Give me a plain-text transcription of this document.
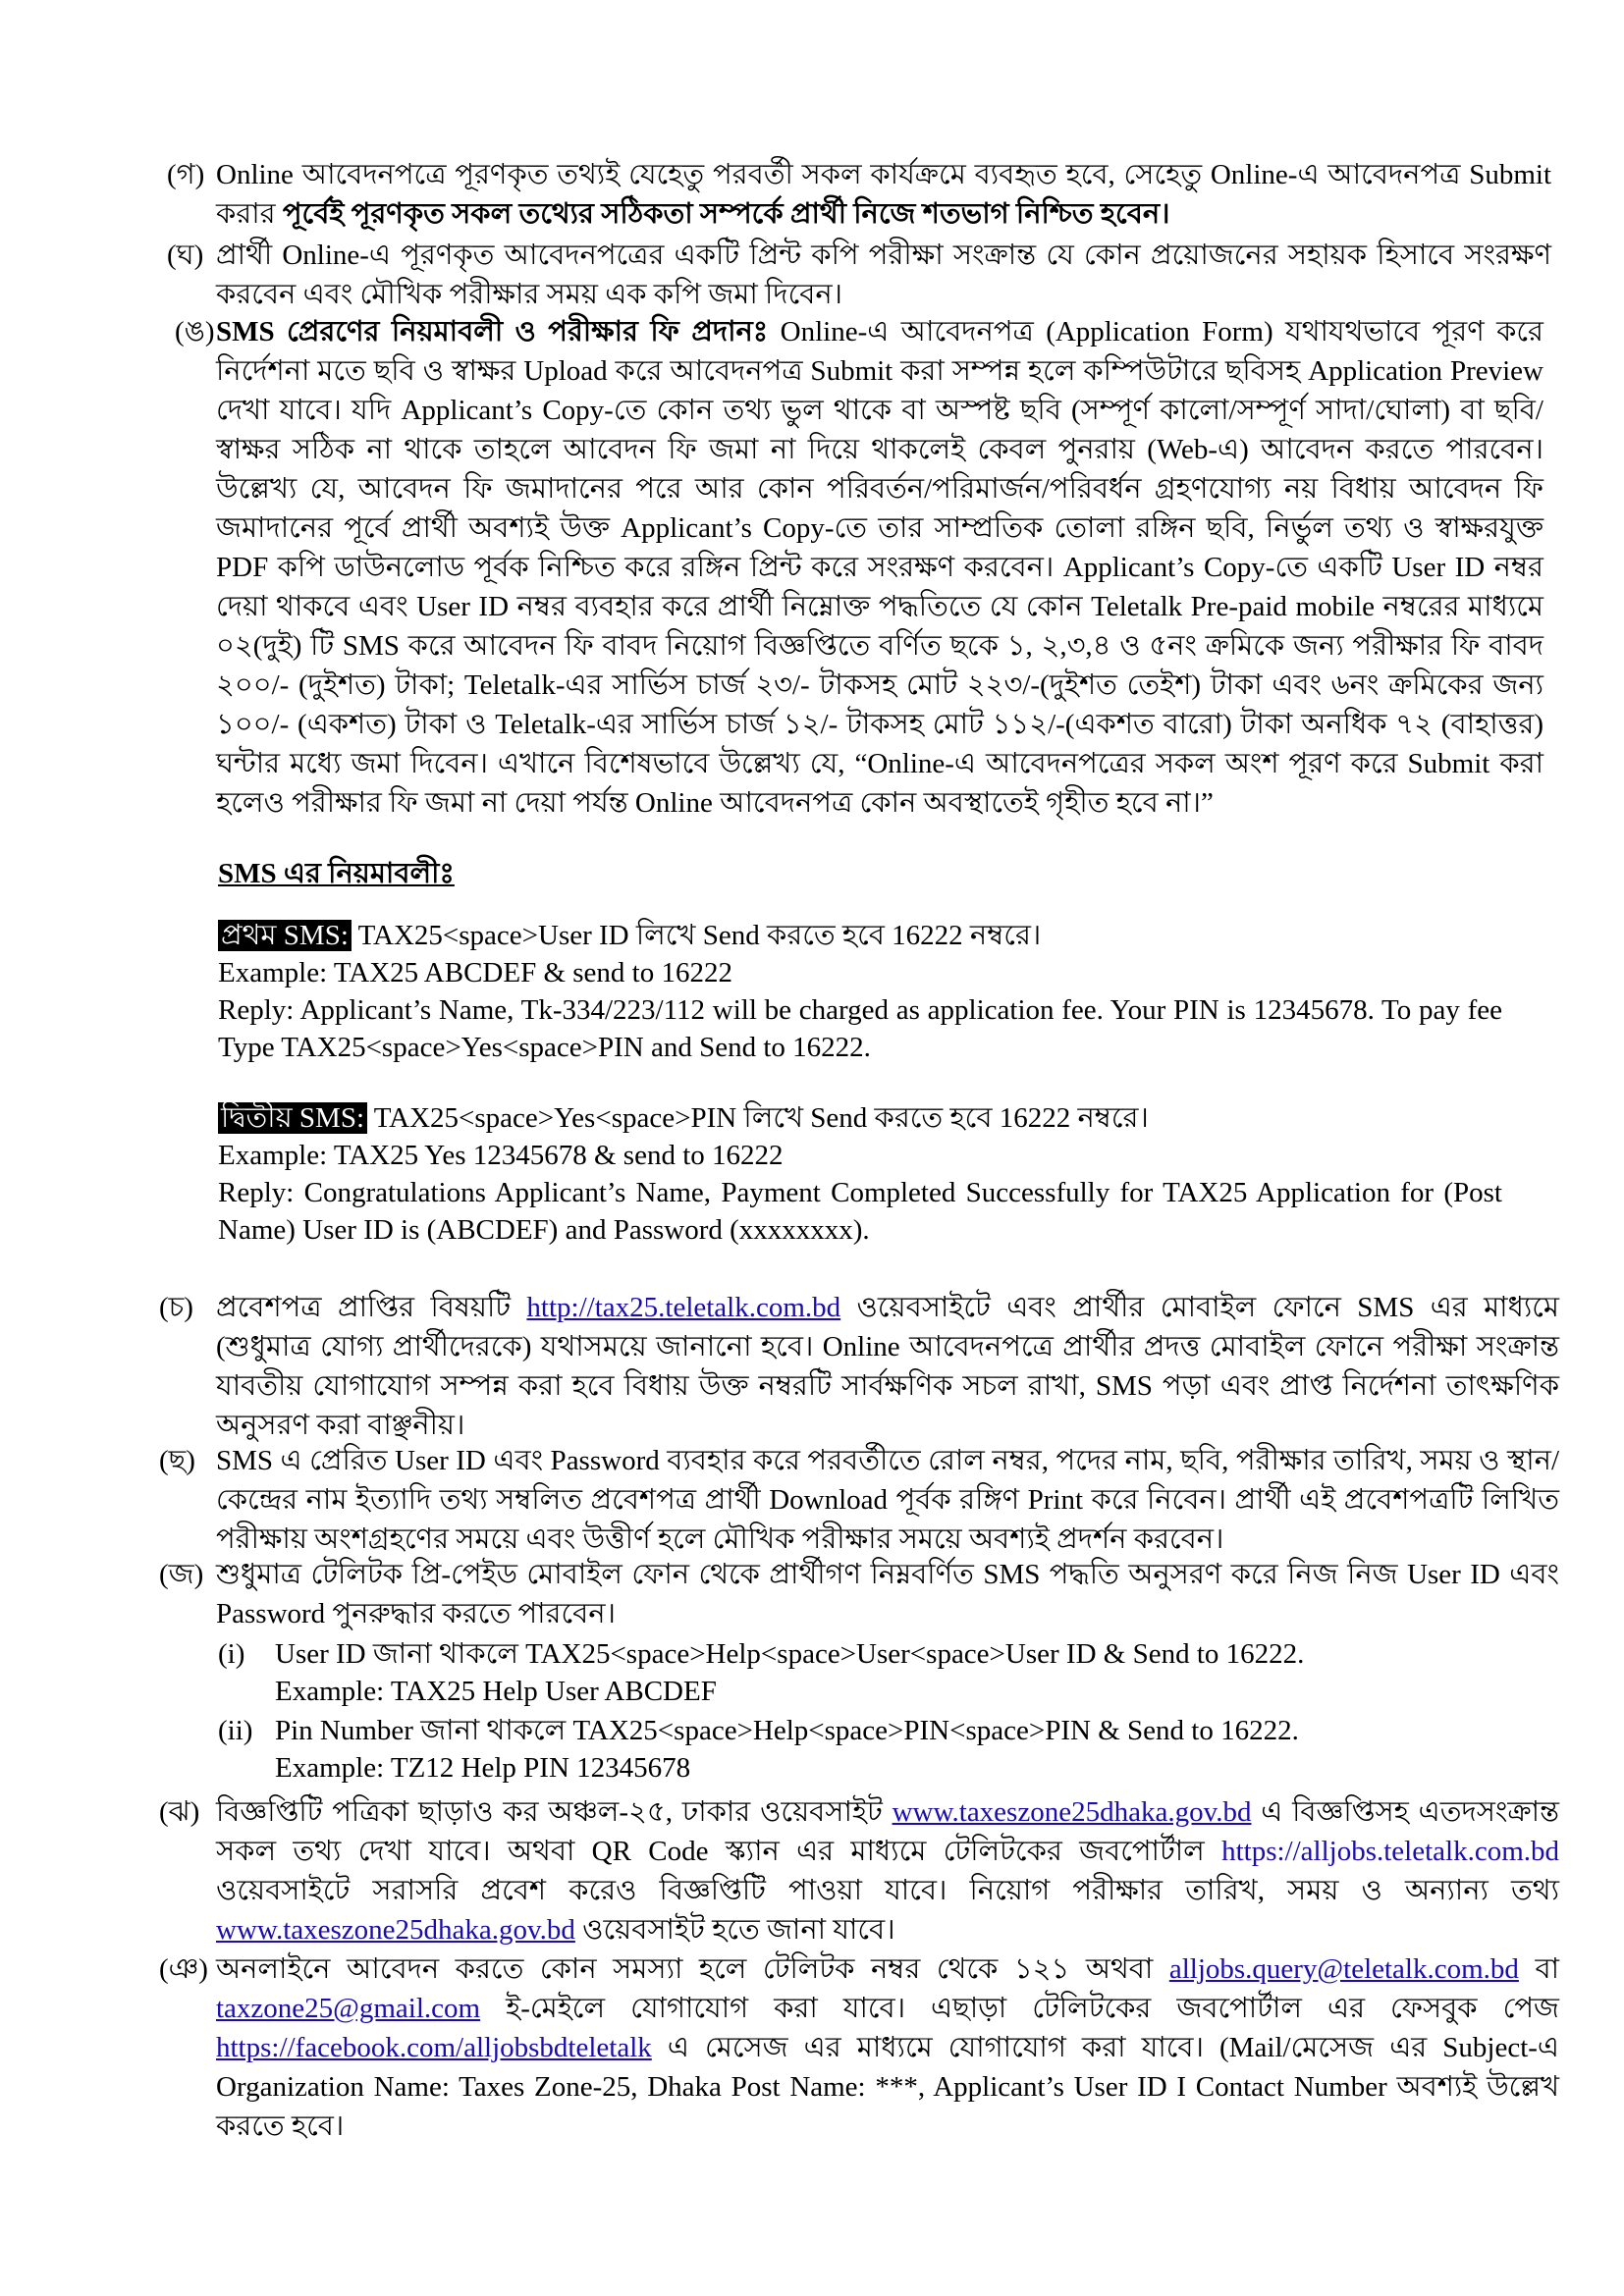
(গ) Online আবেদনপত্রে পূরণকৃত তথ্যই যেহেতু পরবর্তী সকল কার্যক্রমে ব্যবহৃত হবে, সেহেতু Online-এ আবেদনপত্র Submit করার পূর্বেই পূরণকৃত সকল তথ্যের সঠিকতা সম্পর্কে প্রার্থী নিজে শতভাগ নিশ্চিত হবেন।
(ঘ) প্রার্থী Online-এ পূরণকৃত আবেদনপত্রের একটি প্রিন্ট কপি পরীক্ষা সংক্রান্ত যে কোন প্রয়োজনের সহায়ক হিসাবে সংরক্ষণ করবেন এবং মৌখিক পরীক্ষার সময় এক কপি জমা দিবেন।
(ঙ) SMS প্রেরণের নিয়মাবলী ও পরীক্ষার ফি প্রদানঃ Online-এ আবেদনপত্র (Application Form) যথাযথভাবে পূরণ করে নির্দেশনা মতে ছবি ও স্বাক্ষর Upload করে আবেদনপত্র Submit করা সম্পন্ন হলে কম্পিউটারে ছবিসহ Application Preview দেখা যাবে। যদি Applicant’s Copy-তে কোন তথ্য ভুল থাকে বা অস্পষ্ট ছবি (সম্পূর্ণ কালো/সম্পূর্ণ সাদা/ঘোলা) বা ছবি/স্বাক্ষর সঠিক না থাকে তাহলে আবেদন ফি জমা না দিয়ে থাকলেই কেবল পুনরায় (Web-এ) আবেদন করতে পারবেন। উল্লেখ্য যে, আবেদন ফি জমাদানের পরে আর কোন পরিবর্তন/পরিমার্জন/পরিবর্ধন গ্রহণযোগ্য নয় বিধায় আবেদন ফি জমাদানের পূর্বে প্রার্থী অবশ্যই উক্ত Applicant’s Copy-তে তার সাম্প্রতিক তোলা রঙ্গিন ছবি, নির্ভুল তথ্য ও স্বাক্ষরযুক্ত PDF কপি ডাউনলোড পূর্বক নিশ্চিত করে রঙ্গিন প্রিন্ট করে সংরক্ষণ করবেন। Applicant’s Copy-তে একটি User ID নম্বর দেয়া থাকবে এবং User ID নম্বর ব্যবহার করে প্রার্থী নিম্নোক্ত পদ্ধতিতে যে কোন Teletalk Pre-paid mobile নম্বরের মাধ্যমে ০২(দুই) টি SMS করে আবেদন ফি বাবদ নিয়োগ বিজ্ঞপ্তিতে বর্ণিত ছকে ১, ২,৩,৪ ও ৫নং ক্রমিকে জন্য পরীক্ষার ফি বাবদ ২০০/- (দুইশত) টাকা; Teletalk-এর সার্ভিস চার্জ ২৩/- টাকসহ মোট ২২৩/-(দুইশত তেইশ) টাকা এবং ৬নং ক্রমিকের জন্য ১০০/- (একশত) টাকা ও Teletalk-এর সার্ভিস চার্জ ১২/- টাকসহ মোট ১১২/-(একশত বারো) টাকা অনধিক ৭২ (বাহাত্তর) ঘন্টার মধ্যে জমা দিবেন। এখানে বিশেষভাবে উল্লেখ্য যে, “Online-এ আবেদনপত্রের সকল অংশ পূরণ করে Submit করা হলেও পরীক্ষার ফি জমা না দেয়া পর্যন্ত Online আবেদনপত্র কোন অবস্থাতেই গৃহীত হবে না।”
SMS এর নিয়মাবলীঃ
প্রথম SMS: TAX25<space>User ID লিখে Send করতে হবে 16222 নম্বরে।
Example: TAX25 ABCDEF & send to 16222
Reply: Applicant’s Name, Tk-334/223/112 will be charged as application fee. Your PIN is 12345678. To pay fee Type TAX25<space>Yes<space>PIN and Send to 16222.
দ্বিতীয় SMS: TAX25<space>Yes<space>PIN লিখে Send করতে হবে 16222 নম্বরে।
Example: TAX25 Yes 12345678 & send to 16222
Reply: Congratulations Applicant’s Name, Payment Completed Successfully for TAX25 Application for (Post Name) User ID is (ABCDEF) and Password (xxxxxxxx).
(চ) প্রবেশপত্র প্রাপ্তির বিষয়টি http://tax25.teletalk.com.bd ওয়েবসাইটে এবং প্রার্থীর মোবাইল ফোনে SMS এর মাধ্যমে (শুধুমাত্র যোগ্য প্রার্থীদেরকে) যথাসময়ে জানানো হবে। Online আবেদনপত্রে প্রার্থীর প্রদত্ত মোবাইল ফোনে পরীক্ষা সংক্রান্ত যাবতীয় যোগাযোগ সম্পন্ন করা হবে বিধায় উক্ত নম্বরটি সার্বক্ষণিক সচল রাখা, SMS পড়া এবং প্রাপ্ত নির্দেশনা তাৎক্ষণিক অনুসরণ করা বাঞ্ছনীয়।
(ছ) SMS এ প্রেরিত User ID এবং Password ব্যবহার করে পরবর্তীতে রোল নম্বর, পদের নাম, ছবি, পরীক্ষার তারিখ, সময় ও স্থান/কেন্দ্রের নাম ইত্যাদি তথ্য সম্বলিত প্রবেশপত্র প্রার্থী Download পূর্বক রঙ্গিণ Print করে নিবেন। প্রার্থী এই প্রবেশপত্রটি লিখিত পরীক্ষায় অংশগ্রহণের সময়ে এবং উত্তীর্ণ হলে মৌখিক পরীক্ষার সময়ে অবশ্যই প্রদর্শন করবেন।
(জ) শুধুমাত্র টেলিটক প্রি-পেইড মোবাইল ফোন থেকে প্রার্থীগণ নিম্নবর্ণিত SMS পদ্ধতি অনুসরণ করে নিজ নিজ User ID এবং Password পুনরুদ্ধার করতে পারবেন।
(i) User ID জানা থাকলে TAX25<space>Help<space>User<space>User ID & Send to 16222.
Example: TAX25 Help User ABCDEF
(ii) Pin Number জানা থাকলে TAX25<space>Help<space>PIN<space>PIN & Send to 16222.
Example: TZ12 Help PIN 12345678
(ঝ) বিজ্ঞপ্তিটি পত্রিকা ছাড়াও কর অঞ্চল-২৫, ঢাকার ওয়েবসাইট www.taxeszone25dhaka.gov.bd এ বিজ্ঞপ্তিসহ এতদসংক্রান্ত সকল তথ্য দেখা যাবে। অথবা QR Code স্ক্যান এর মাধ্যমে টেলিটকের জবপোর্টাল https://alljobs.teletalk.com.bd ওয়েবসাইটে সরাসরি প্রবেশ করেও বিজ্ঞপ্তিটি পাওয়া যাবে। নিয়োগ পরীক্ষার তারিখ, সময় ও অন্যান্য তথ্য www.taxeszone25dhaka.gov.bd ওয়েবসাইট হতে জানা যাবে।
(ঞ) অনলাইনে আবেদন করতে কোন সমস্যা হলে টেলিটক নম্বর থেকে ১২১ অথবা alljobs.query@teletalk.com.bd বা taxzone25@gmail.com ই-মেইলে যোগাযোগ করা যাবে। এছাড়া টেলিটকের জবপোর্টাল এর ফেসবুক পেজ https://facebook.com/alljobsbdteletalk এ মেসেজ এর মাধ্যমে যোগাযোগ করা যাবে। (Mail/মেসেজ এর Subject-এ Organization Name: Taxes Zone-25, Dhaka Post Name: ***, Applicant’s User ID I Contact Number অবশ্যই উল্লেখ করতে হবে।
